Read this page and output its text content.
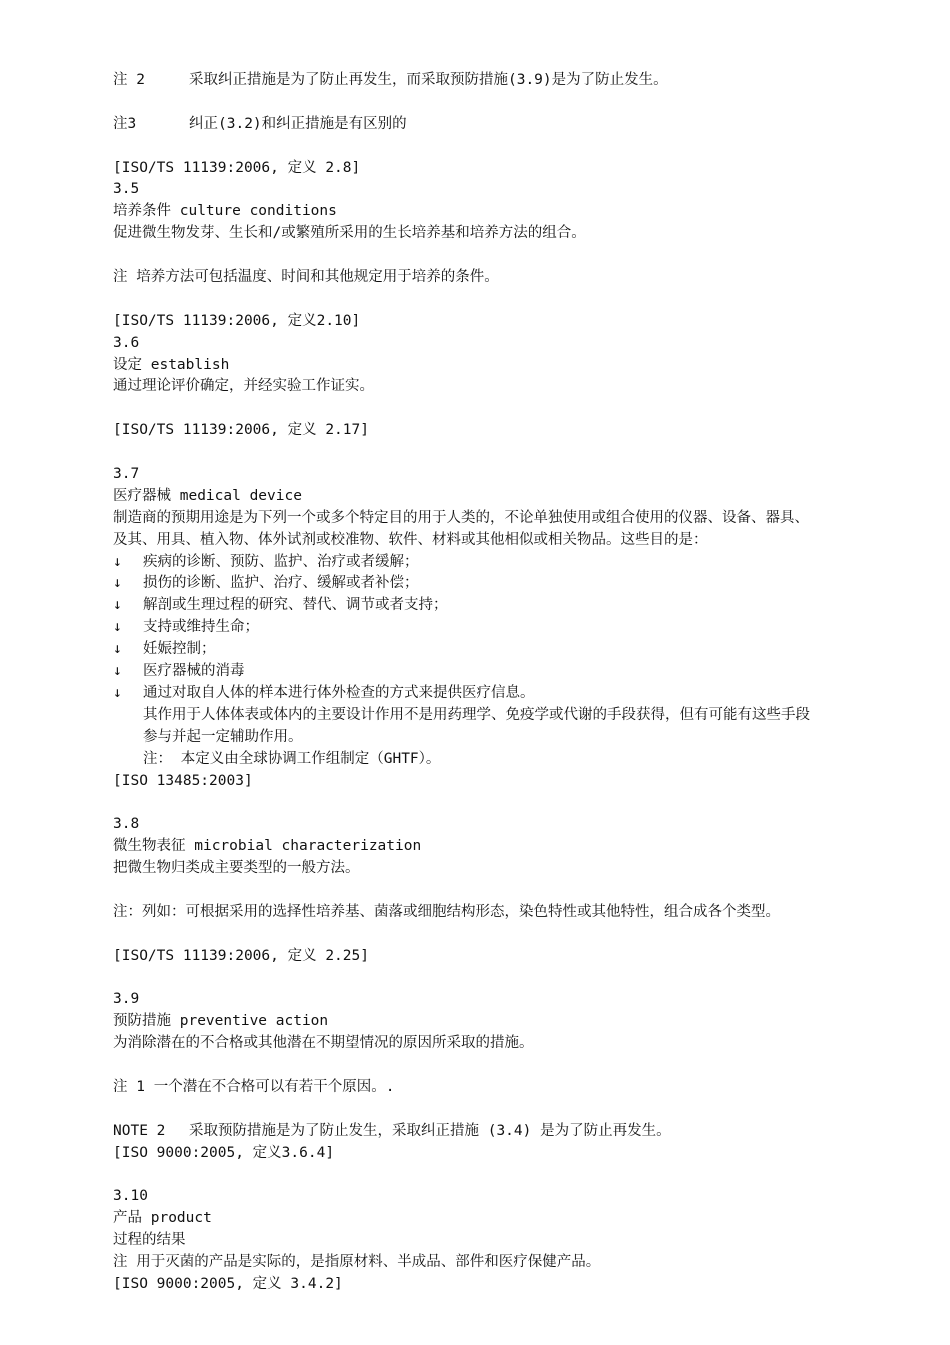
注 2	采取纠正措施是为了防止再发生，而采取预防措施(3.9)是为了防止发生。
注3	纠正(3.2)和纠正措施是有区别的
[ISO/TS 11139:2006, 定义 2.8]
3.5
培养条件 culture conditions
促进微生物发芽、生长和/或繁殖所采用的生长培养基和培养方法的组合。
注 培养方法可包括温度、时间和其他规定用于培养的条件。
[ISO/TS 11139:2006, 定义2.10]
3.6
设定 establish
通过理论评价确定，并经实验工作证实。
[ISO/TS 11139:2006, 定义 2.17]
3.7
医疗器械 medical device
制造商的预期用途是为下列一个或多个特定目的用于人类的，不论单独使用或组合使用的仪器、设备、器具、
及其、用具、植入物、体外试剂或校准物、软件、材料或其他相似或相关物品。这些目的是：
↓	疾病的诊断、预防、监护、治疗或者缓解；
↓	损伤的诊断、监护、治疗、缓解或者补偿；
↓	解剖或生理过程的研究、替代、调节或者支持；
↓	支持或维持生命；
↓	妊娠控制；
↓	医疗器械的消毒
↓	通过对取自人体的样本进行体外检查的方式来提供医疗信息。
其作用于人体体表或体内的主要设计作用不是用药理学、免疫学或代谢的手段获得，但有可能有这些手段
参与并起一定辅助作用。
注： 本定义由全球协调工作组制定（GHTF）。
[ISO 13485:2003]
3.8
微生物表征 microbial characterization
把微生物归类成主要类型的一般方法。
注：列如：可根据采用的选择性培养基、菌落或细胞结构形态，染色特性或其他特性，组合成各个类型。
[ISO/TS 11139:2006, 定义 2.25]
3.9
预防措施 preventive action
为消除潜在的不合格或其他潜在不期望情况的原因所采取的措施。
注 1 一个潜在不合格可以有若干个原因。.
NOTE 2 采取预防措施是为了防止发生，采取纠正措施 (3.4) 是为了防止再发生。
[ISO 9000:2005, 定义3.6.4]
3.10
产品 product
过程的结果
注 用于灭菌的产品是实际的，是指原材料、半成品、部件和医疗保健产品。
[ISO 9000:2005, 定义 3.4.2]
